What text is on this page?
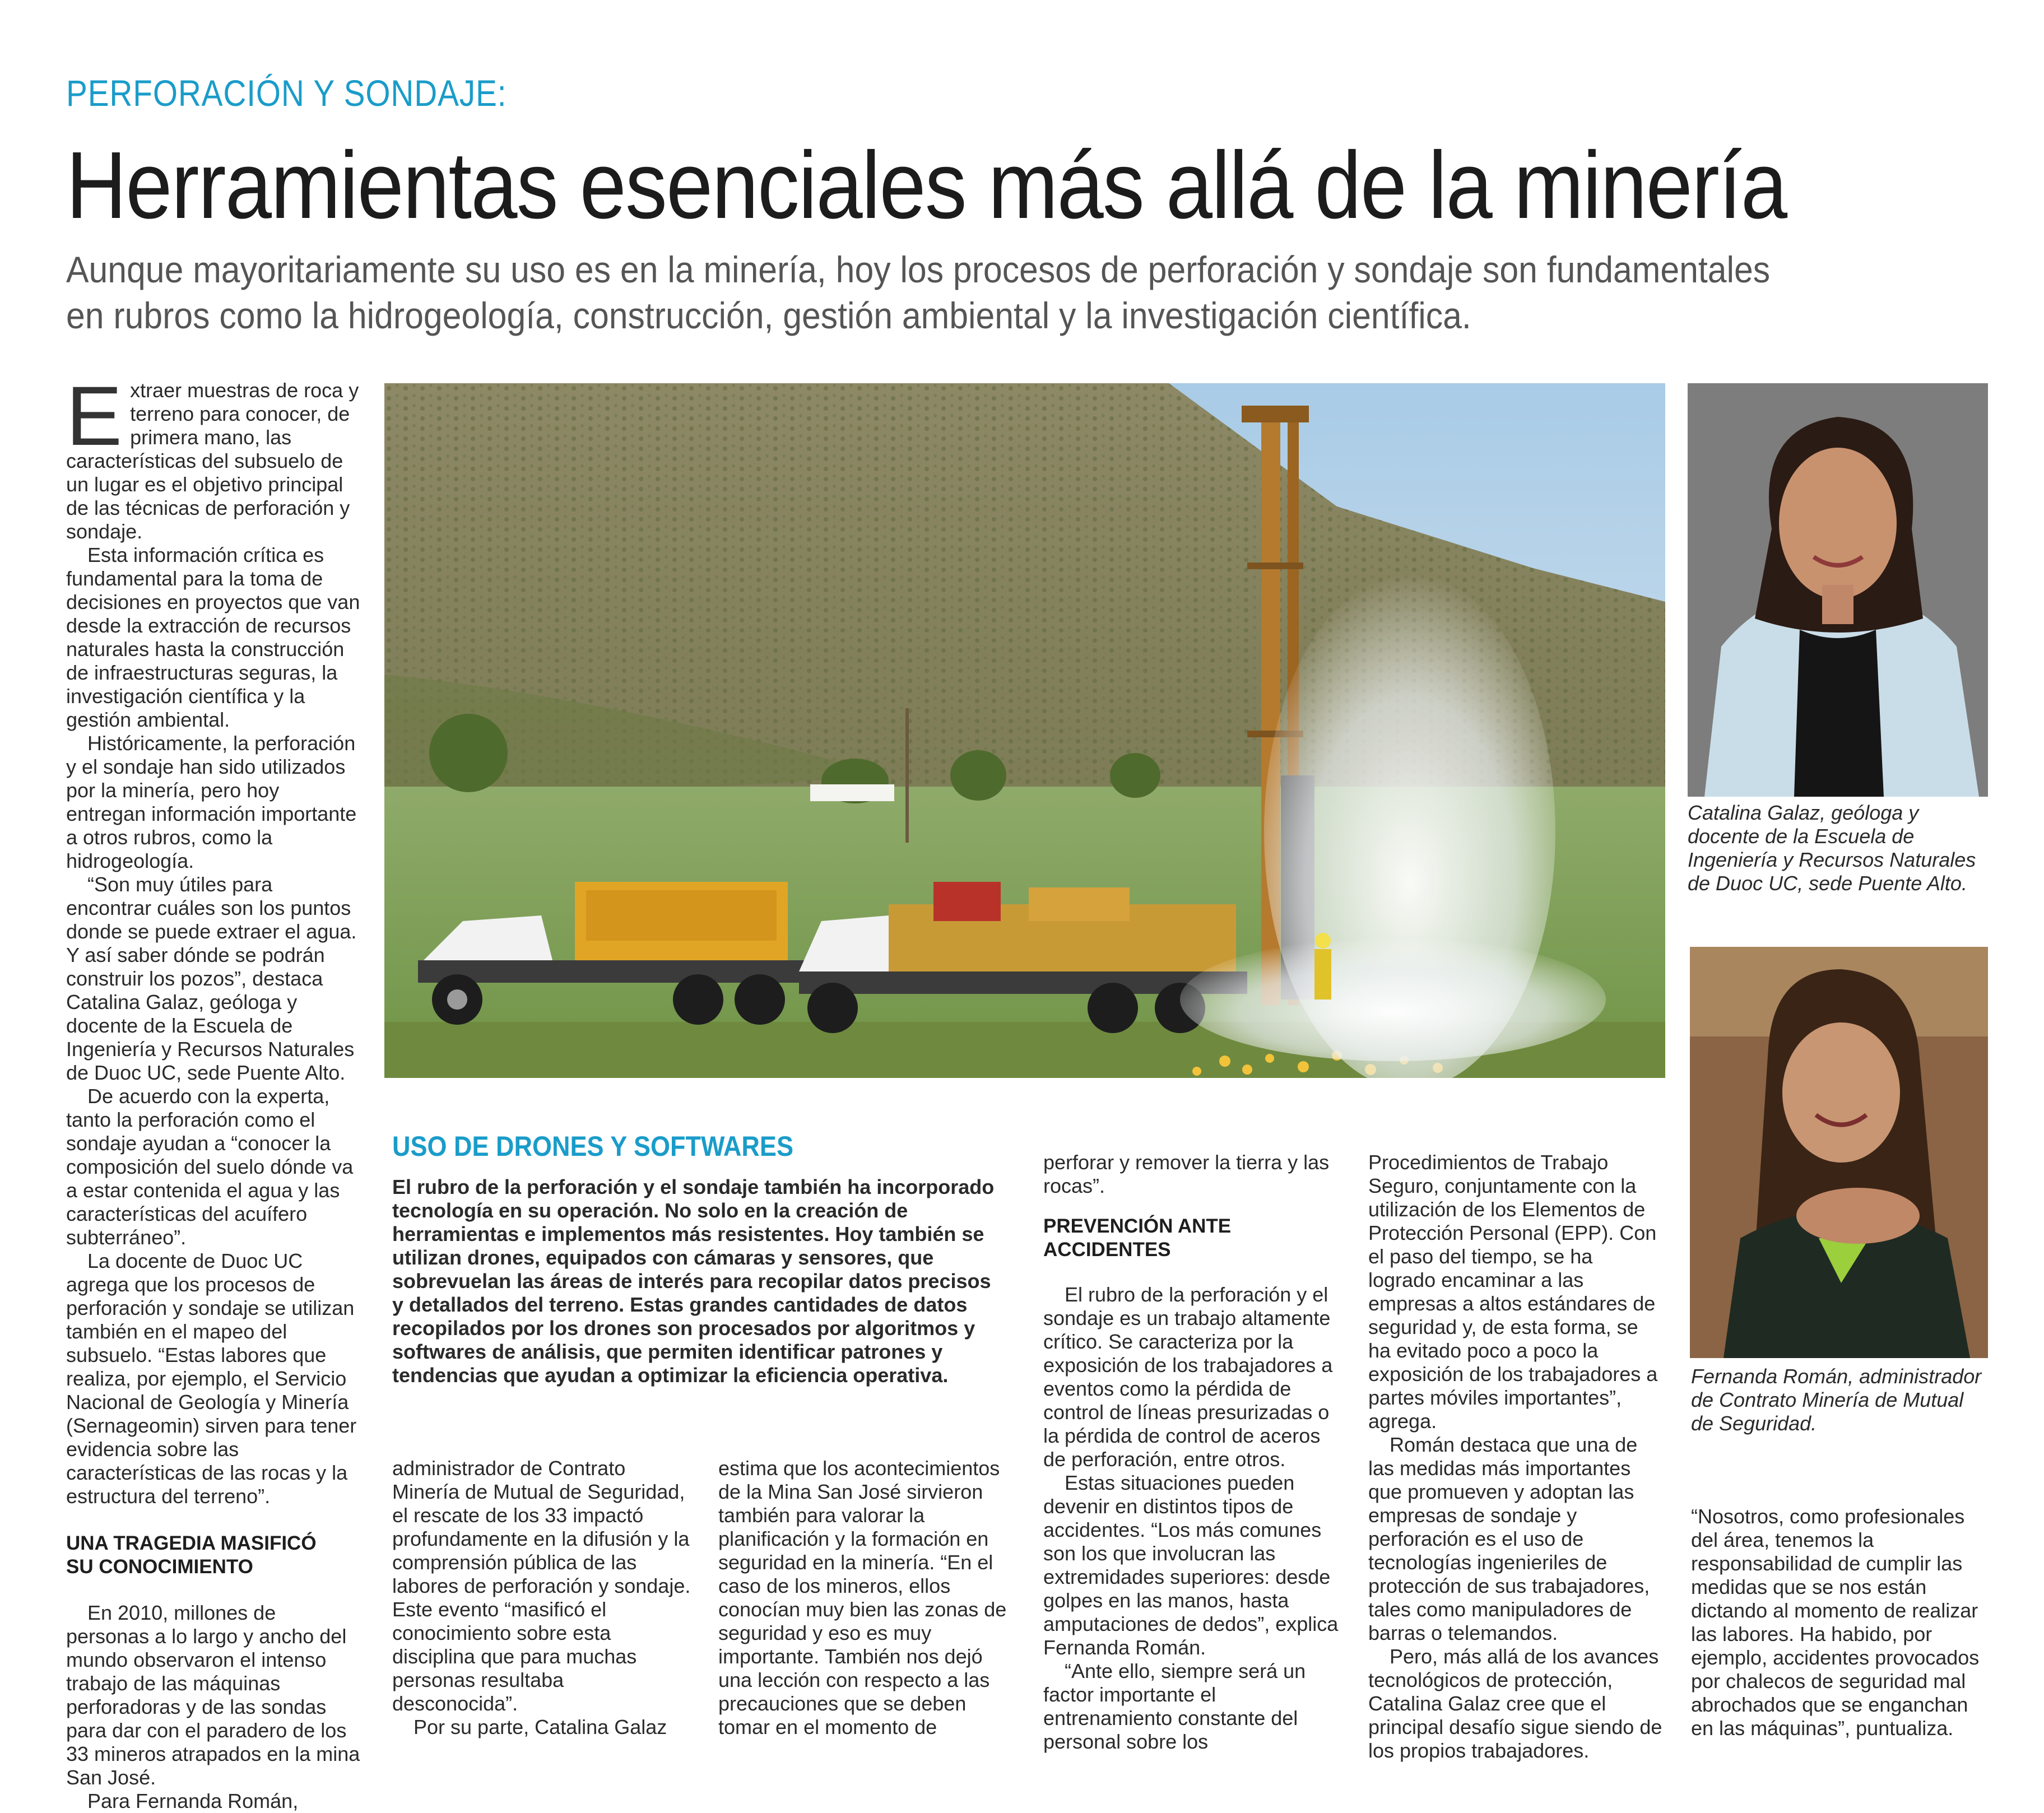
PERFORACIÓN Y SONDAJE:
Herramientas esenciales más allá de la minería

Aunque mayoritariamente su uso es en la minería, hoy los procesos de perforación y sondaje son fundamentales

en rubros como la hidrogeología, construcción, gestión ambiental y la investigación científica.

Extraer muestras de roca y terreno para conocer, de primera mano, las características del subsuelo de un lugar es el objetivo principal de las técnicas de perforación y sondaje.

Esta información crítica es fundamental para la toma de decisiones en proyectos que van desde la extracción de recursos naturales hasta la construcción de infraestructuras seguras, la investigación científica y la gestión ambiental.

Históricamente, la perforación y el sondaje han sido utilizados por la minería, pero hoy entregan información importante a otros rubros, como la hidrogeología.

“Son muy útiles para encontrar cuáles son los puntos donde se puede extraer el agua. Y así saber dónde se podrán construir los pozos”, destaca Catalina Galaz, geóloga y docente de la Escuela de Ingeniería y Recursos Naturales de Duoc UC, sede Puente Alto.

De acuerdo con la experta, tanto la perforación como el sondaje ayudan a “conocer la composición del suelo dónde va a estar contenida el agua y las características del acuífero subterráneo”.

La docente de Duoc UC agrega que los procesos de perforación y sondaje se utilizan también en el mapeo del subsuelo. “Estas labores que realiza, por ejemplo, el Servicio Nacional de Geología y Minería (Sernageomin) sirven para tener evidencia sobre las características de las rocas y la estructura del terreno”.

UNA TRAGEDIA MASIFICÓ
SU CONOCIMIENTO

En 2010, millones de personas a lo largo y ancho del mundo observaron el intenso trabajo de las máquinas perforadoras y de las sondas para dar con el paradero de los 33 mineros atrapados en la mina San José.

Para Fernanda Román,

USO DE DRONES Y SOFTWARES
El rubro de la perforación y el sondaje también ha incorporado tecnología en su operación. No solo en la creación de herramientas e implementos más resistentes. Hoy también se utilizan drones, equipados con cámaras y sensores, que sobrevuelan las áreas de interés para recopilar datos precisos y detallados del terreno. Estas grandes cantidades de datos recopilados por los drones son procesados por algoritmos y softwares de análisis, que permiten identificar patrones y tendencias que ayudan a optimizar la eficiencia operativa.

administrador de Contrato Minería de Mutual de Seguridad, el rescate de los 33 impactó profundamente en la difusión y la comprensión pública de las labores de perforación y sondaje. Este evento “masificó el conocimiento sobre esta disciplina que para muchas personas resultaba desconocida”.

Por su parte, Catalina Galaz

estima que los acontecimientos de la Mina San José sirvieron también para valorar la planificación y la formación en seguridad en la minería. “En el caso de los mineros, ellos conocían muy bien las zonas de seguridad y eso es muy importante. También nos dejó una lección con respecto a las precauciones que se deben tomar en el momento de

perforar y remover la tierra y las rocas”.

PREVENCIÓN ANTE ACCIDENTES

El rubro de la perforación y el sondaje es un trabajo altamente crítico. Se caracteriza por la exposición de los trabajadores a eventos como la pérdida de control de líneas presurizadas o la pérdida de control de aceros de perforación, entre otros.

Estas situaciones pueden devenir en distintos tipos de accidentes. “Los más comunes son los que involucran las extremidades superiores: desde golpes en las manos, hasta amputaciones de dedos”, explica Fernanda Román.

“Ante ello, siempre será un factor importante el entrenamiento constante del personal sobre los

Procedimientos de Trabajo Seguro, conjuntamente con la utilización de los Elementos de Protección Personal (EPP). Con el paso del tiempo, se ha logrado encaminar a las empresas a altos estándares de seguridad y, de esta forma, se ha evitado poco a poco la exposición de los trabajadores a partes móviles importantes”, agrega.

Román destaca que una de las medidas más importantes que promueven y adoptan las empresas de sondaje y perforación es el uso de tecnologías ingenieriles de protección de sus trabajadores, tales como manipuladores de barras o telemandos.

Pero, más allá de los avances tecnológicos de protección, Catalina Galaz cree que el principal desafío sigue siendo de los propios trabajadores.

Catalina Galaz, geóloga y docente de la Escuela de Ingeniería y Recursos Naturales de Duoc UC, sede Puente Alto.
Fernanda Román, administrador de Contrato Minería de Mutual de Seguridad.

“Nosotros, como profesionales del área, tenemos la responsabilidad de cumplir las medidas que se nos están dictando al momento de realizar las labores. Ha habido, por ejemplo, accidentes provocados por chalecos de seguridad mal abrochados que se enganchan en las máquinas”, puntualiza.
